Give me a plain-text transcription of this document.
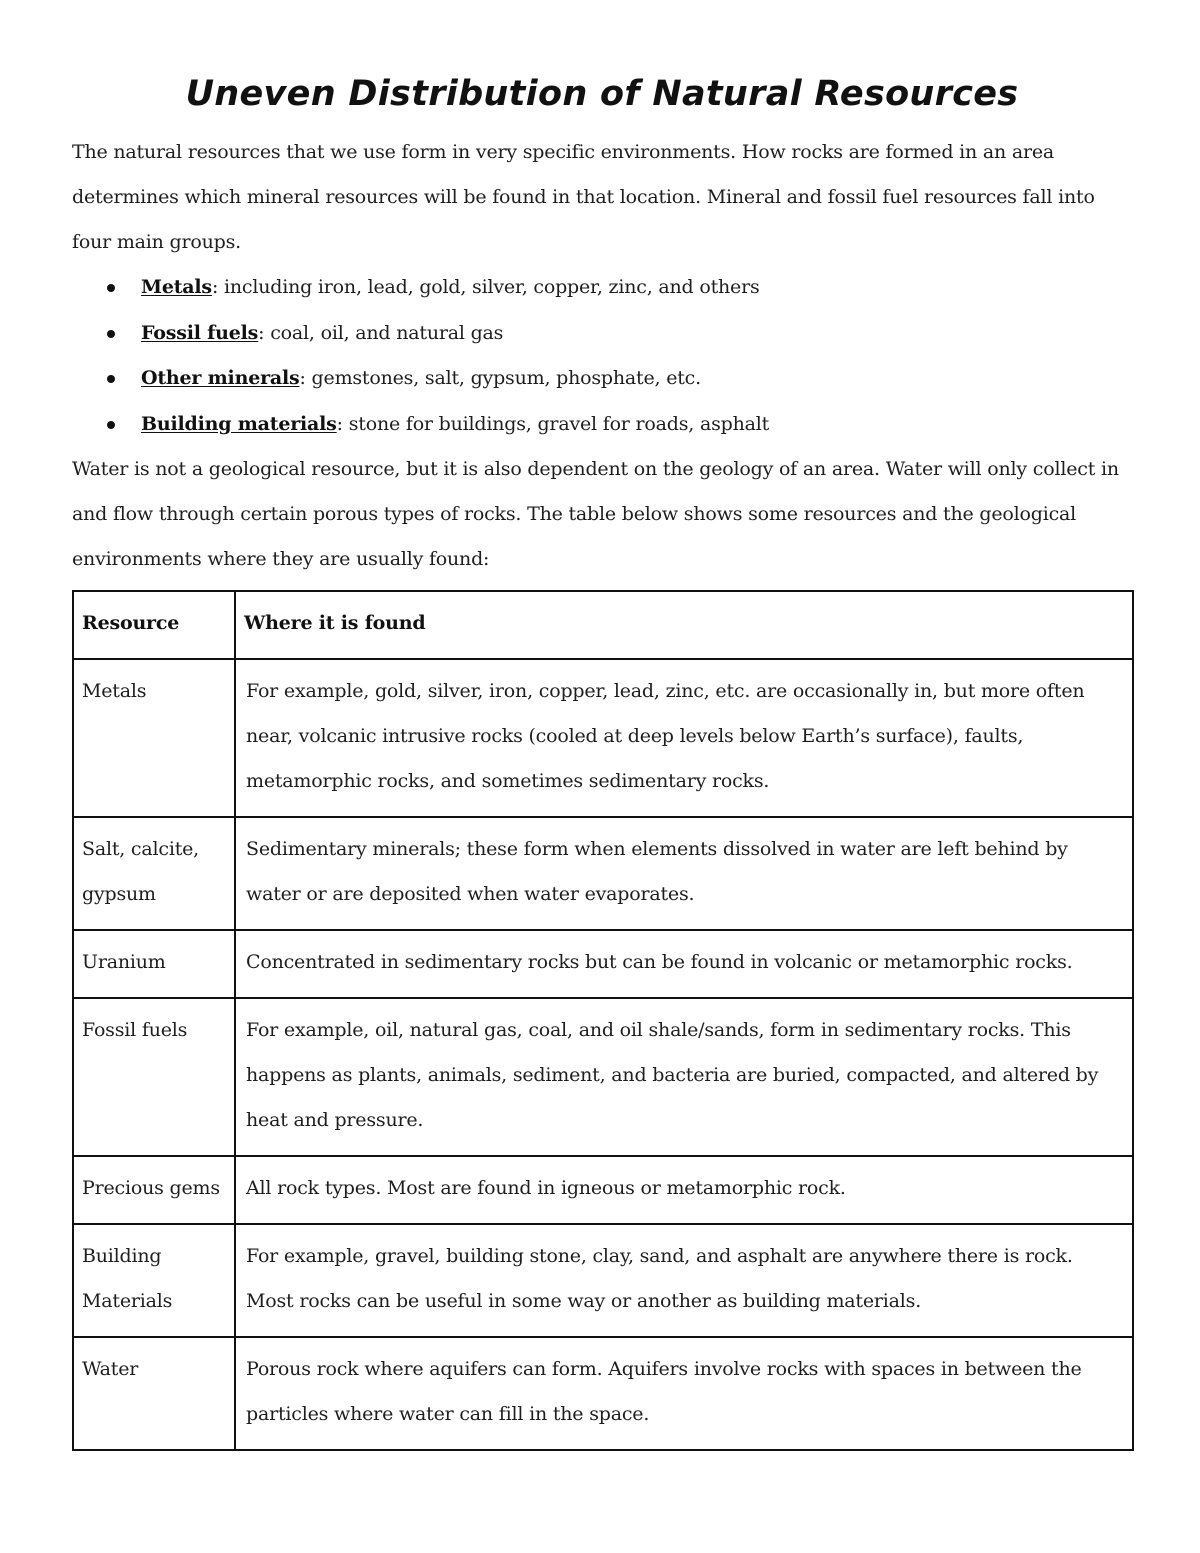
Uneven Distribution of Natural Resources

The natural resources that we use form in very specific environments. How rocks are formed in an area determines which mineral resources will be found in that location. Mineral and fossil fuel resources fall into four main groups.

Metals: including iron, lead, gold, silver, copper, zinc, and others
Fossil fuels: coal, oil, and natural gas
Other minerals: gemstones, salt, gypsum, phosphate, etc.
Building materials: stone for buildings, gravel for roads, asphalt

Water is not a geological resource, but it is also dependent on the geology of an area. Water will only collect in and flow through certain porous types of rocks. The table below shows some resources and the geological environments where they are usually found:

Resource	Where it is found
Metals	For example, gold, silver, iron, copper, lead, zinc, etc. are occasionally in, but more often near, volcanic intrusive rocks (cooled at deep levels below Earth’s surface), faults, metamorphic rocks, and sometimes sedimentary rocks.
Salt, calcite, gypsum	Sedimentary minerals; these form when elements dissolved in water are left behind by water or are deposited when water evaporates.
Uranium	Concentrated in sedimentary rocks but can be found in volcanic or metamorphic rocks.
Fossil fuels	For example, oil, natural gas, coal, and oil shale/sands, form in sedimentary rocks. This happens as plants, animals, sediment, and bacteria are buried, compacted, and altered by heat and pressure.
Precious gems	All rock types. Most are found in igneous or metamorphic rock.
Building Materials	For example, gravel, building stone, clay, sand, and asphalt are anywhere there is rock. Most rocks can be useful in some way or another as building materials.
Water	Porous rock where aquifers can form. Aquifers involve rocks with spaces in between the particles where water can fill in the space.
